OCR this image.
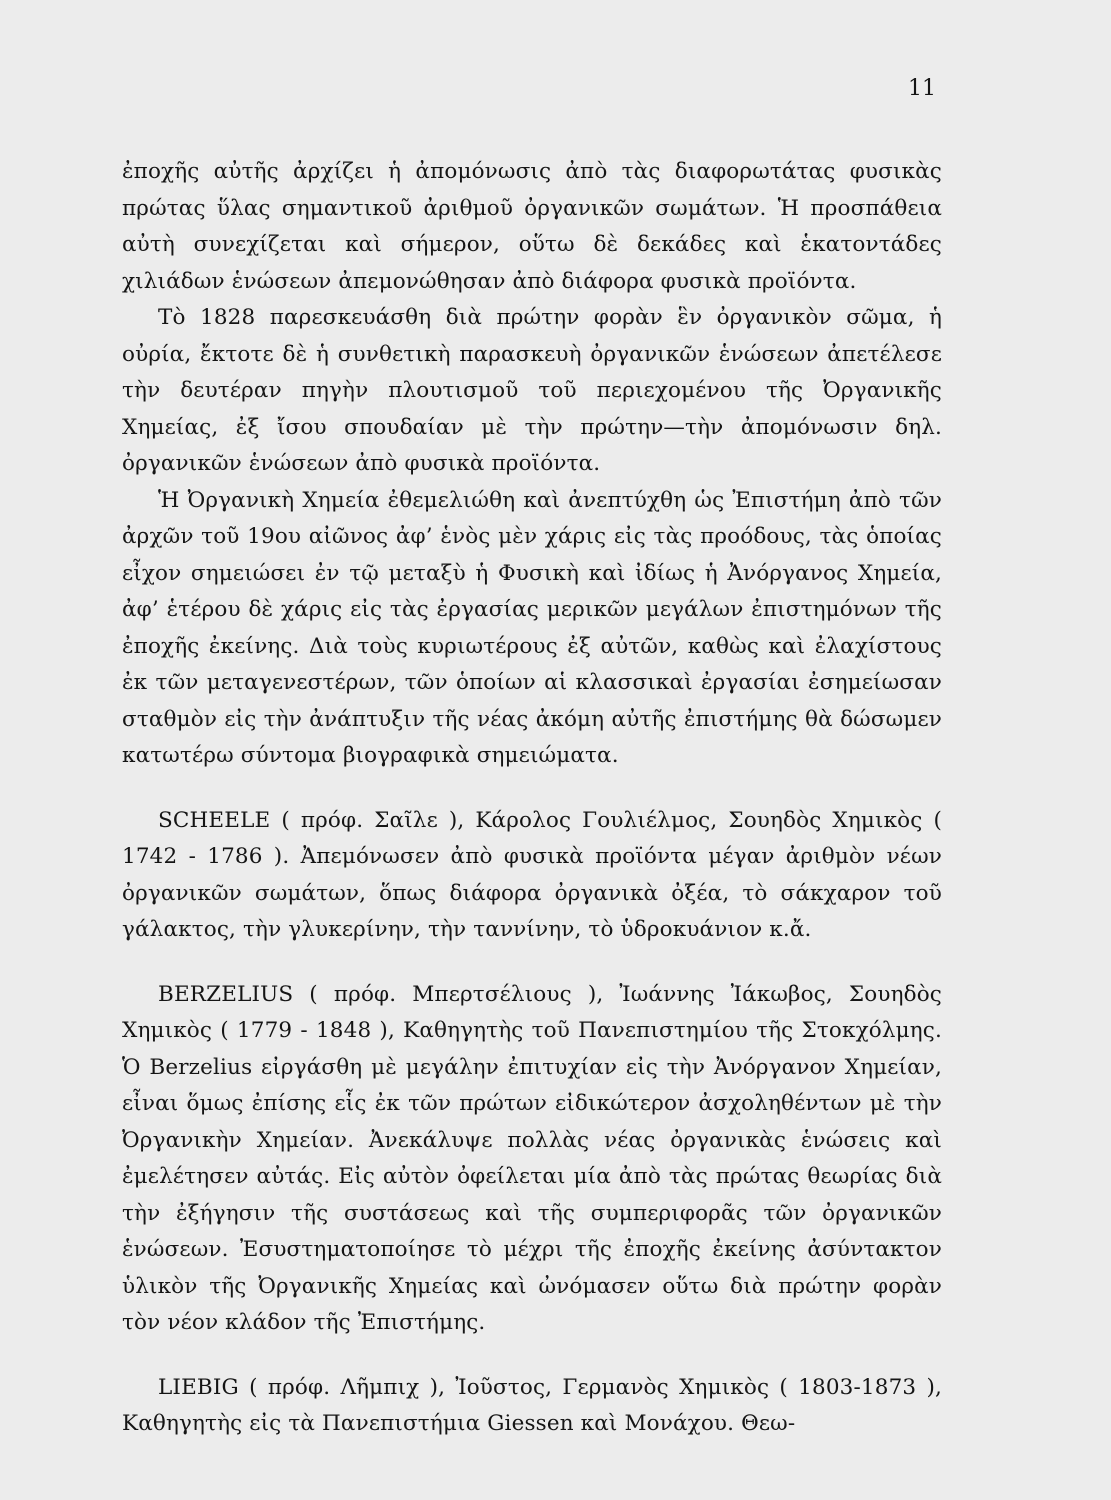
11

ἐποχῆς αὐτῆς ἀρχίζει ἡ ἀπομόνωσις ἀπὸ τὰς διαφορωτάτας φυσικὰς πρώτας ὕλας σημαντικοῦ ἀριθμοῦ ὀργανικῶν σωμάτων. Ἡ προσπάθεια αὐτὴ συνεχίζεται καὶ σήμερον, οὕτω δὲ δεκάδες καὶ ἑκατοντάδες χιλιάδων ἑνώσεων ἀπεμονώθησαν ἀπὸ διάφορα φυσικὰ προϊόντα.

Τὸ 1828 παρεσκευάσθη διὰ πρώτην φορὰν ἓν ὀργανικὸν σῶμα, ἡ οὐρία, ἔκτοτε δὲ ἡ συνθετικὴ παρασκευὴ ὀργανικῶν ἑνώσεων ἀπετέλεσε τὴν δευτέραν πηγὴν πλουτισμοῦ τοῦ περιεχομένου τῆς Ὀργανικῆς Χημείας, ἐξ ἴσου σπουδαίαν μὲ τὴν πρώτην—τὴν ἀπομόνωσιν δηλ. ὀργανικῶν ἑνώσεων ἀπὸ φυσικὰ προϊόντα.

Ἡ Ὀργανικὴ Χημεία ἐθεμελιώθη καὶ ἀνεπτύχθη ὡς Ἐπιστήμη ἀπὸ τῶν ἀρχῶν τοῦ 19ου αἰῶνος ἀφ’ ἑνὸς μὲν χάρις εἰς τὰς προόδους, τὰς ὁποίας εἶχον σημειώσει ἐν τῷ μεταξὺ ἡ Φυσικὴ καὶ ἰδίως ἡ Ἀνόργανος Χημεία, ἀφ’ ἑτέρου δὲ χάρις εἰς τὰς ἐργασίας μερικῶν μεγάλων ἐπιστημόνων τῆς ἐποχῆς ἐκείνης. Διὰ τοὺς κυριωτέρους ἐξ αὐτῶν, καθὼς καὶ ἐλαχίστους ἐκ τῶν μεταγενεστέρων, τῶν ὁποίων αἱ κλασσικαὶ ἐργασίαι ἐσημείωσαν σταθμὸν εἰς τὴν ἀνάπτυξιν τῆς νέας ἀκόμη αὐτῆς ἐπιστήμης θὰ δώσωμεν κατωτέρω σύντομα βιογραφικὰ σημειώματα.

SCHEELE ( πρόφ. Σαῖλε ), Κάρολος Γουλιέλμος, Σουηδὸς Χημικὸς ( 1742 - 1786 ). Ἀπεμόνωσεν ἀπὸ φυσικὰ προϊόντα μέγαν ἀριθμὸν νέων ὀργανικῶν σωμάτων, ὅπως διάφορα ὀργανικὰ ὀξέα, τὸ σάκχαρον τοῦ γάλακτος, τὴν γλυκερίνην, τὴν ταννίνην, τὸ ὑδροκυάνιον κ.ἄ.

BERZELIUS ( πρόφ. Μπερτσέλιους ), Ἰωάννης Ἰάκωβος, Σουηδὸς Χημικὸς ( 1779 - 1848 ), Καθηγητὴς τοῦ Πανεπιστημίου τῆς Στοκχόλμης. Ὁ Berzelius εἰργάσθη μὲ μεγάλην ἐπιτυχίαν εἰς τὴν Ἀνόργανον Χημείαν, εἶναι ὅμως ἐπίσης εἷς ἐκ τῶν πρώτων εἰδικώτερον ἀσχοληθέντων μὲ τὴν Ὀργανικὴν Χημείαν. Ἀνεκάλυψε πολλὰς νέας ὀργανικὰς ἑνώσεις καὶ ἐμελέτησεν αὐτάς. Εἰς αὐτὸν ὀφείλεται μία ἀπὸ τὰς πρώτας θεωρίας διὰ τὴν ἐξήγησιν τῆς συστάσεως καὶ τῆς συμπεριφορᾶς τῶν ὀργανικῶν ἑνώσεων. Ἐσυστηματοποίησε τὸ μέχρι τῆς ἐποχῆς ἐκείνης ἀσύντακτον ὑλικὸν τῆς Ὀργανικῆς Χημείας καὶ ὠνόμασεν οὕτω διὰ πρώτην φορὰν τὸν νέον κλάδον τῆς Ἐπιστήμης.

LIEBIG ( πρόφ. Λῆμπιχ ), Ἰοῦστος, Γερμανὸς Χημικὸς ( 1803-1873 ), Καθηγητὴς εἰς τὰ Πανεπιστήμια Giessen καὶ Μονάχου. Θεω-
